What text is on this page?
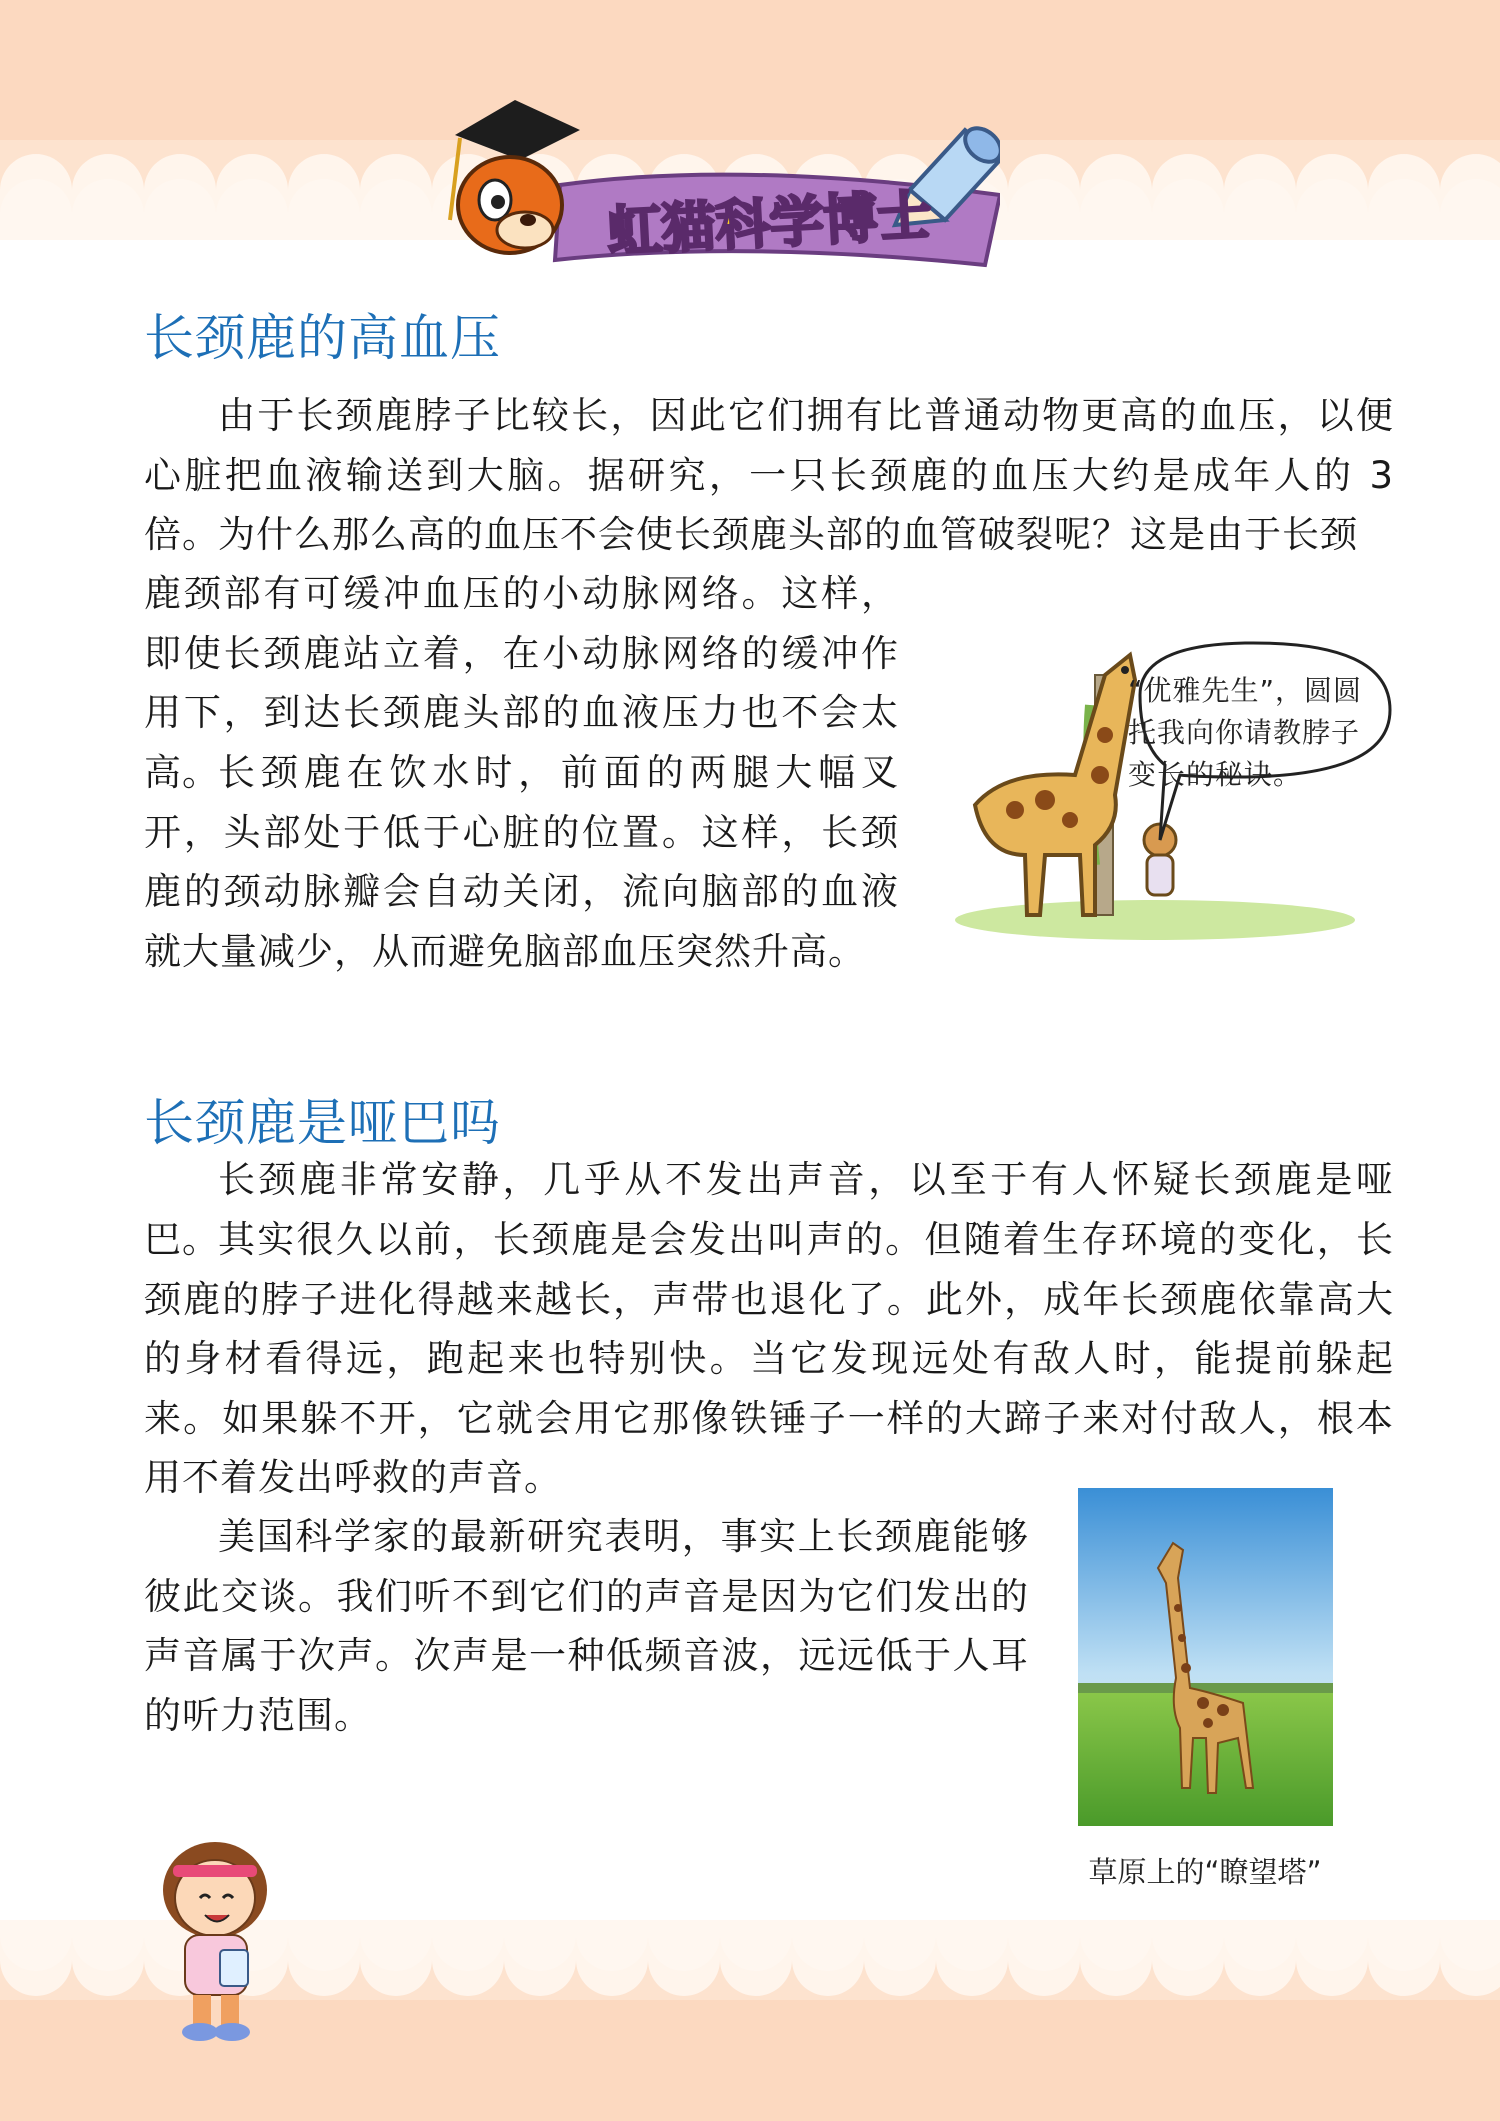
虹猫科学博士
长颈鹿的高血压

由于长颈鹿脖子比较长，因此它们拥有比普通动物更高的血压，以便心脏把血液输送到大脑。据研究，一只长颈鹿的血压大约是成年人的 3 倍。

为什么那么高的血压不会使长颈鹿头部的血管破裂呢？这是由于长颈

鹿颈部有可缓冲血压的小动脉网络。这样，即使长颈鹿站立着，在小动脉网络的缓冲作用下，到达长颈鹿头部的血液压力也不会太高。

长颈鹿在饮水时，前面的两腿大幅叉开，头部处于低于心脏的位置。这样，长颈鹿的颈动脉瓣会自动关闭，流向脑部的血液就大量减少，从而避免脑部血压突然升高。

“优雅先生”，圆圆托我向你请教脖子变长的秘诀。
长颈鹿是哑巴吗

长颈鹿非常安静，几乎从不发出声音，以至于有人怀疑长颈鹿是哑巴。

其实很久以前，长颈鹿是会发出叫声的。但随着生存环境的变化，长颈鹿的脖子进化得越来越长，声带也退化了。此外，成年长颈鹿依靠高大的身材看得远，跑起来也特别快。当它发现远处有敌人时，能提前躲起来。如果躲不开，它就会用它那像铁锤子一样的大蹄子来对付敌人，根本用不着发出呼救的声音。

美国科学家的最新研究表明，事实上长颈鹿能够彼此交谈。我们听不到它们的声音是因为它们发出的声音属于次声。次声是一种低频音波，远远低于人耳的听力范围。

草原上的“瞭望塔”
